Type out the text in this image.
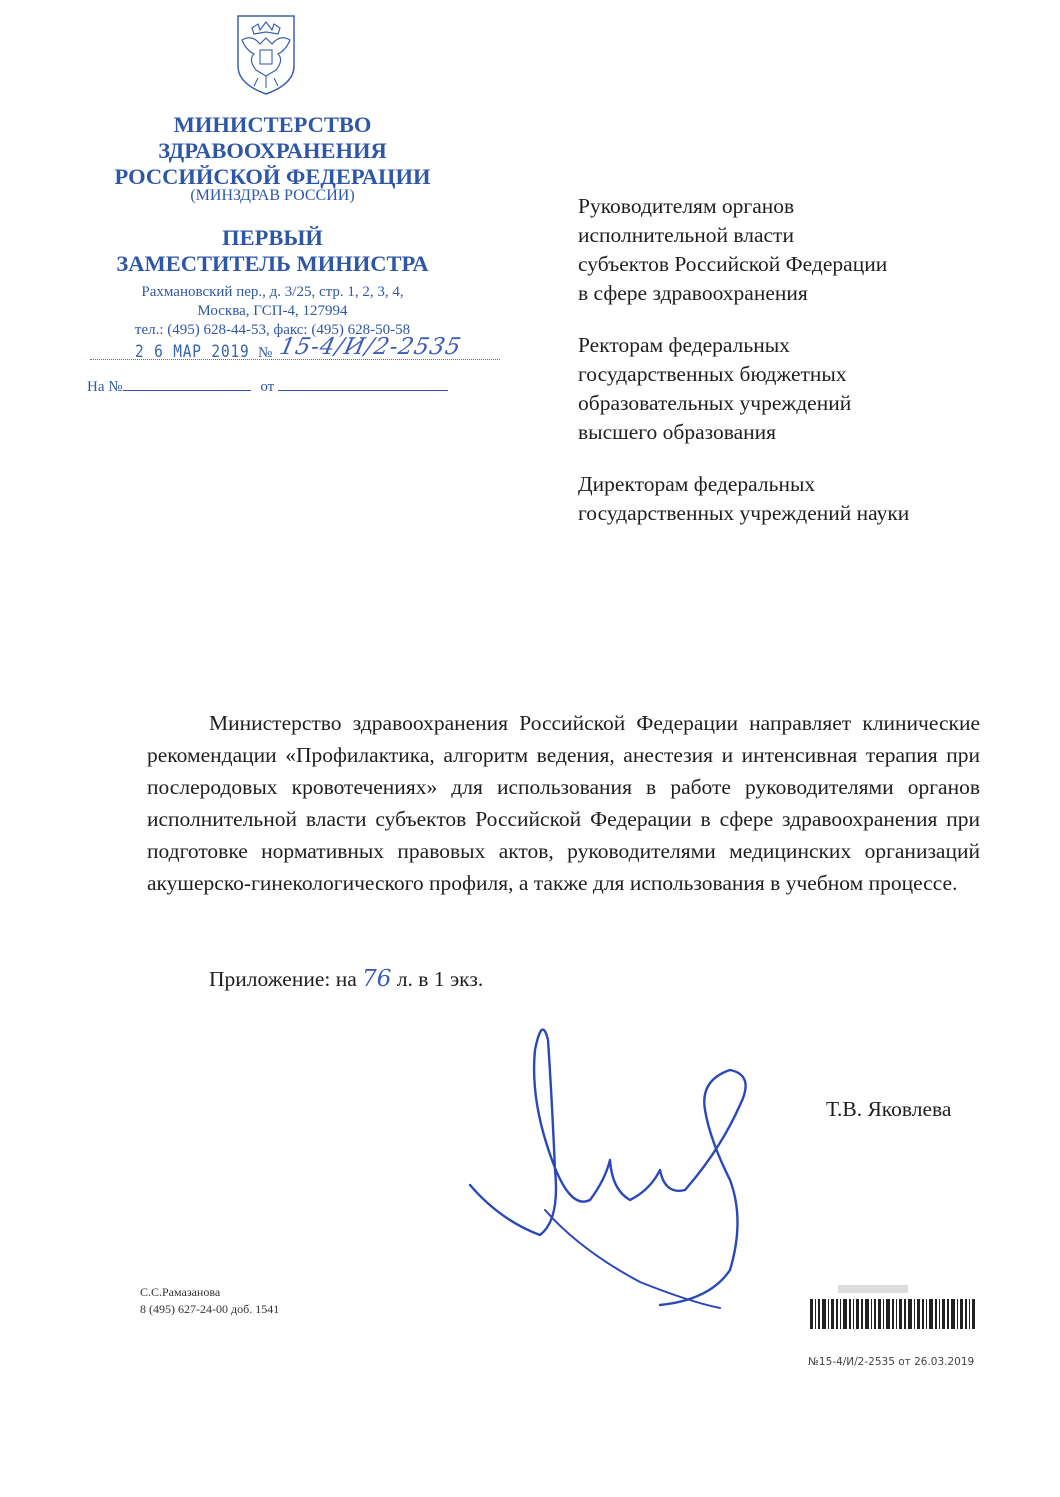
МИНИСТЕРСТВО
ЗДРАВООХРАНЕНИЯ
РОССИЙСКОЙ ФЕДЕРАЦИИ
(МИНЗДРАВ РОССИИ)
ПЕРВЫЙ
ЗАМЕСТИТЕЛЬ МИНИСТРА
Рахмановский пер., д. 3/25, стр. 1, 2, 3, 4,
Москва, ГСП-4, 127994
тел.: (495) 628-44-53, факс: (495) 628-50-58
2 6 МАР 2019 № 15-4/И/2-2535
На №	от
Руководителям органов
исполнительной власти
субъектов Российской Федерации
в сфере здравоохранения
Ректорам федеральных
государственных бюджетных
образовательных учреждений
высшего образования
Директорам федеральных
государственных учреждений науки
Министерство здравоохранения Российской Федерации направляет клинические рекомендации «Профилактика, алгоритм ведения, анестезия и интенсивная терапия при послеродовых кровотечениях» для использования в работе руководителями органов исполнительной власти субъектов Российской Федерации в сфере здравоохранения при подготовке нормативных правовых актов, руководителями медицинских организаций акушерско-гинекологического профиля, а также для использования в учебном процессе.
Приложение: на 76 л. в 1 экз.
Т.В. Яковлева
С.С.Рамазанова
8 (495) 627-24-00 доб. 1541
№15-4/И/2-2535 от 26.03.2019
